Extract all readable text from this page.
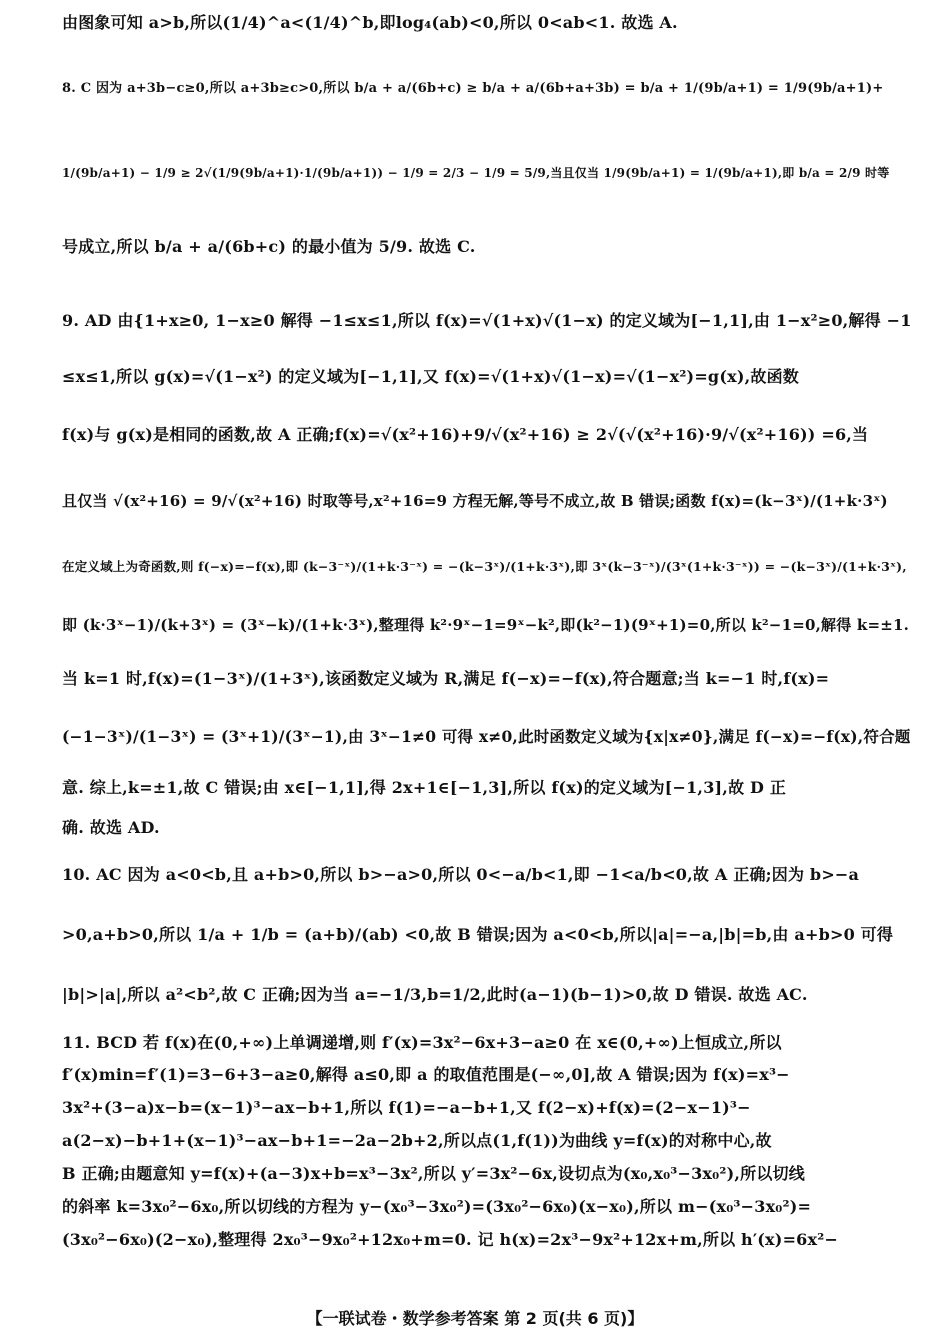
由图象可知 a>b,所以(1/4)^a<(1/4)^b,即log₄(ab)<0,所以 0<ab<1. 故选 A.
8. C 因为 a+3b−c≥0,所以 a+3b≥c>0,所以 b/a + a/(6b+c) ≥ b/a + a/(6b+a+3b) = b/a + 1/(9b/a+1) = 1/9(9b/a+1)+
1/(9b/a+1) − 1/9 ≥ 2√(1/9(9b/a+1)·1/(9b/a+1)) − 1/9 = 2/3 − 1/9 = 5/9,当且仅当 1/9(9b/a+1) = 1/(9b/a+1),即 b/a = 2/9 时等
号成立,所以 b/a + a/(6b+c) 的最小值为 5/9. 故选 C.
9. AD 由{1+x≥0, 1−x≥0 解得 −1≤x≤1,所以 f(x)=√(1+x)√(1−x) 的定义域为[−1,1],由 1−x²≥0,解得 −1
≤x≤1,所以 g(x)=√(1−x²) 的定义域为[−1,1],又 f(x)=√(1+x)√(1−x)=√(1−x²)=g(x),故函数
f(x)与 g(x)是相同的函数,故 A 正确;f(x)=√(x²+16)+9/√(x²+16) ≥ 2√(√(x²+16)·9/√(x²+16)) =6,当
且仅当 √(x²+16) = 9/√(x²+16) 时取等号,x²+16=9 方程无解,等号不成立,故 B 错误;函数 f(x)=(k−3ˣ)/(1+k·3ˣ)
在定义域上为奇函数,则 f(−x)=−f(x),即 (k−3⁻ˣ)/(1+k·3⁻ˣ) = −(k−3ˣ)/(1+k·3ˣ),即 3ˣ(k−3⁻ˣ)/(3ˣ(1+k·3⁻ˣ)) = −(k−3ˣ)/(1+k·3ˣ),
即 (k·3ˣ−1)/(k+3ˣ) = (3ˣ−k)/(1+k·3ˣ),整理得 k²·9ˣ−1=9ˣ−k²,即(k²−1)(9ˣ+1)=0,所以 k²−1=0,解得 k=±1.
当 k=1 时,f(x)=(1−3ˣ)/(1+3ˣ),该函数定义域为 R,满足 f(−x)=−f(x),符合题意;当 k=−1 时,f(x)=
(−1−3ˣ)/(1−3ˣ) = (3ˣ+1)/(3ˣ−1),由 3ˣ−1≠0 可得 x≠0,此时函数定义域为{x|x≠0},满足 f(−x)=−f(x),符合题
意. 综上,k=±1,故 C 错误;由 x∈[−1,1],得 2x+1∈[−1,3],所以 f(x)的定义域为[−1,3],故 D 正
确. 故选 AD.
10. AC 因为 a<0<b,且 a+b>0,所以 b>−a>0,所以 0<−a/b<1,即 −1<a/b<0,故 A 正确;因为 b>−a
>0,a+b>0,所以 1/a + 1/b = (a+b)/(ab) <0,故 B 错误;因为 a<0<b,所以|a|=−a,|b|=b,由 a+b>0 可得
|b|>|a|,所以 a²<b²,故 C 正确;因为当 a=−1/3,b=1/2,此时(a−1)(b−1)>0,故 D 错误. 故选 AC.
11. BCD 若 f(x)在(0,+∞)上单调递增,则 f′(x)=3x²−6x+3−a≥0 在 x∈(0,+∞)上恒成立,所以
f′(x)min=f′(1)=3−6+3−a≥0,解得 a≤0,即 a 的取值范围是(−∞,0],故 A 错误;因为 f(x)=x³−
3x²+(3−a)x−b=(x−1)³−ax−b+1,所以 f(1)=−a−b+1,又 f(2−x)+f(x)=(2−x−1)³−
a(2−x)−b+1+(x−1)³−ax−b+1=−2a−2b+2,所以点(1,f(1))为曲线 y=f(x)的对称中心,故
B 正确;由题意知 y=f(x)+(a−3)x+b=x³−3x²,所以 y′=3x²−6x,设切点为(x₀,x₀³−3x₀²),所以切线
的斜率 k=3x₀²−6x₀,所以切线的方程为 y−(x₀³−3x₀²)=(3x₀²−6x₀)(x−x₀),所以 m−(x₀³−3x₀²)=
(3x₀²−6x₀)(2−x₀),整理得 2x₀³−9x₀²+12x₀+m=0. 记 h(x)=2x³−9x²+12x+m,所以 h′(x)=6x²−
【一联试卷・数学参考答案 第 2 页(共 6 页)】
